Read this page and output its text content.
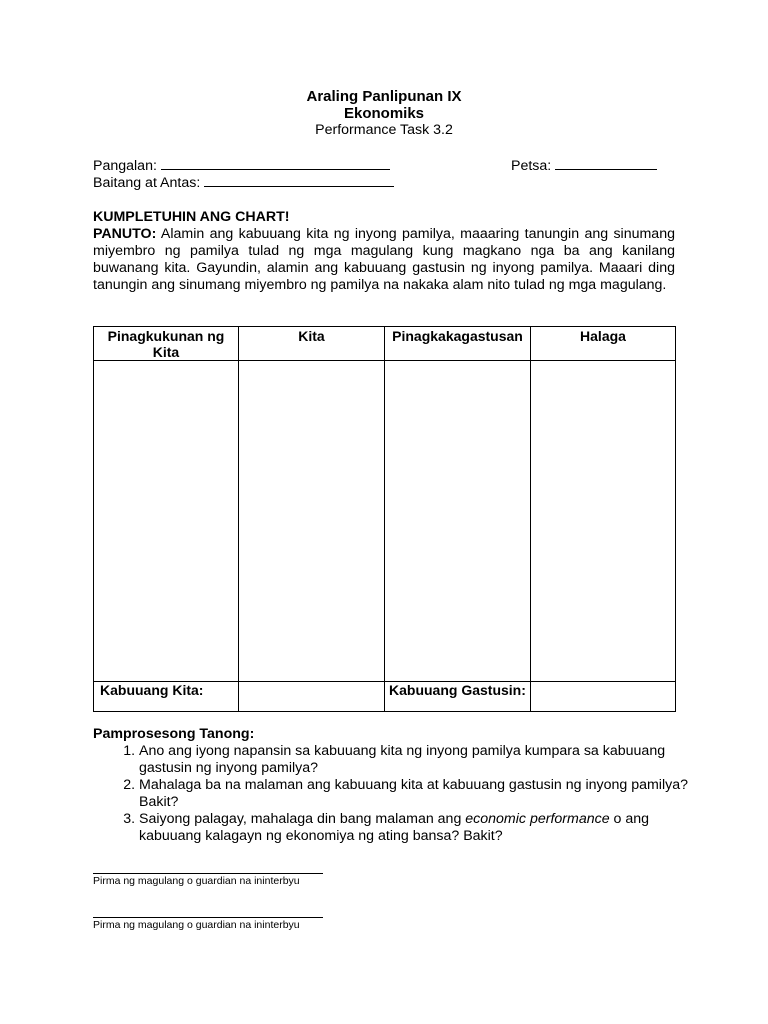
Araling Panlipunan IX
Ekonomiks
Performance Task 3.2
Pangalan:	Petsa:
Baitang at Antas:

KUMPLETUHIN ANG CHART!

PANUTO: Alamin ang kabuuang kita ng inyong pamilya, maaaring tanungin ang sinumang miyembro ng pamilya tulad ng mga magulang kung magkano nga ba ang kanilang buwanang kita. Gayundin, alamin ang kabuuang gastusin ng inyong pamilya. Maaari ding tanungin ang sinumang miyembro ng pamilya na nakaka alam nito tulad ng mga magulang.

Pinagkukunan ng Kita	Kita	Pinagkakagastusan	Halaga

Kabuuang Kita:		Kabuuang Gastusin:	

Pamprosesong Tanong:

1. Ano ang iyong napansin sa kabuuang kita ng inyong pamilya kumpara sa kabuuang gastusin ng inyong pamilya?
2. Mahalaga ba na malaman ang kabuuang kita at kabuuang gastusin ng inyong pamilya? Bakit?
3. Saiyong palagay, mahalaga din bang malaman ang economic performance o ang kabuuang kalagayn ng ekonomiya ng ating bansa? Bakit?
Pirma ng magulang o guardian na ininterbyu
Pirma ng magulang o guardian na ininterbyu
